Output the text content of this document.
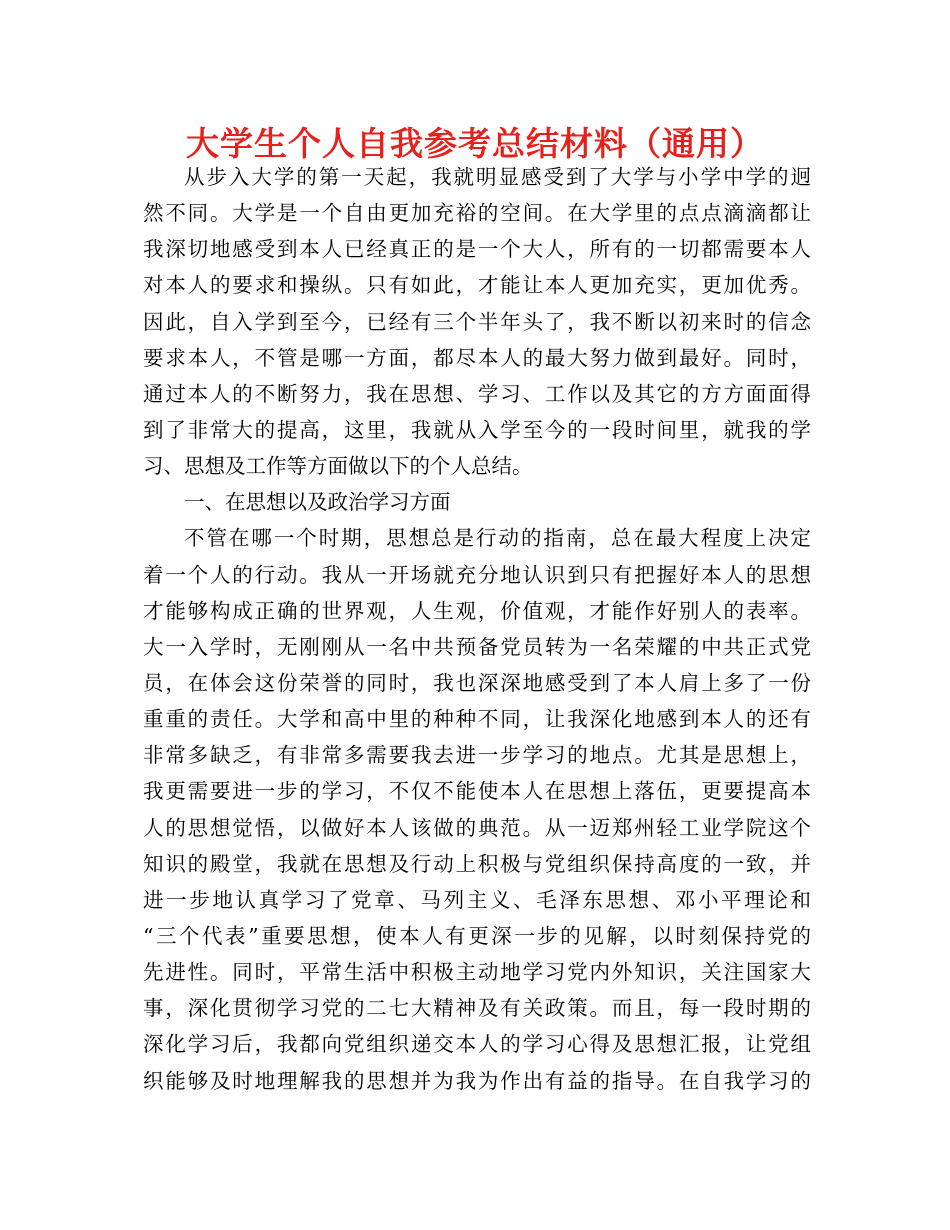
大学生个人自我参考总结材料（通用）
从步入大学的第一天起，我就明显感受到了大学与小学中学的迥
然不同。大学是一个自由更加充裕的空间。在大学里的点点滴滴都让
我深切地感受到本人已经真正的是一个大人，所有的一切都需要本人
对本人的要求和操纵。只有如此，才能让本人更加充实，更加优秀。
因此，自入学到至今，已经有三个半年头了，我不断以初来时的信念
要求本人，不管是哪一方面，都尽本人的最大努力做到最好。同时，
通过本人的不断努力，我在思想、学习、工作以及其它的方方面面得
到了非常大的提高，这里，我就从入学至今的一段时间里，就我的学
习、思想及工作等方面做以下的个人总结。
一、在思想以及政治学习方面
不管在哪一个时期，思想总是行动的指南，总在最大程度上决定
着一个人的行动。我从一开场就充分地认识到只有把握好本人的思想
才能够构成正确的世界观，人生观，价值观，才能作好别人的表率。
大一入学时，无刚刚从一名中共预备党员转为一名荣耀的中共正式党
员，在体会这份荣誉的同时，我也深深地感受到了本人肩上多了一份
重重的责任。大学和高中里的种种不同，让我深化地感到本人的还有
非常多缺乏，有非常多需要我去进一步学习的地点。尤其是思想上，
我更需要进一步的学习，不仅不能使本人在思想上落伍，更要提高本
人的思想觉悟，以做好本人该做的典范。从一迈郑州轻工业学院这个
知识的殿堂，我就在思想及行动上积极与党组织保持高度的一致，并
进一步地认真学习了党章、马列主义、毛泽东思想、邓小平理论和
“三个代表”重要思想，使本人有更深一步的见解，以时刻保持党的
先进性。同时，平常生活中积极主动地学习党内外知识，关注国家大
事，深化贯彻学习党的二七大精神及有关政策。而且，每一段时期的
深化学习后，我都向党组织递交本人的学习心得及思想汇报，让党组
织能够及时地理解我的思想并为我为作出有益的指导。在自我学习的
